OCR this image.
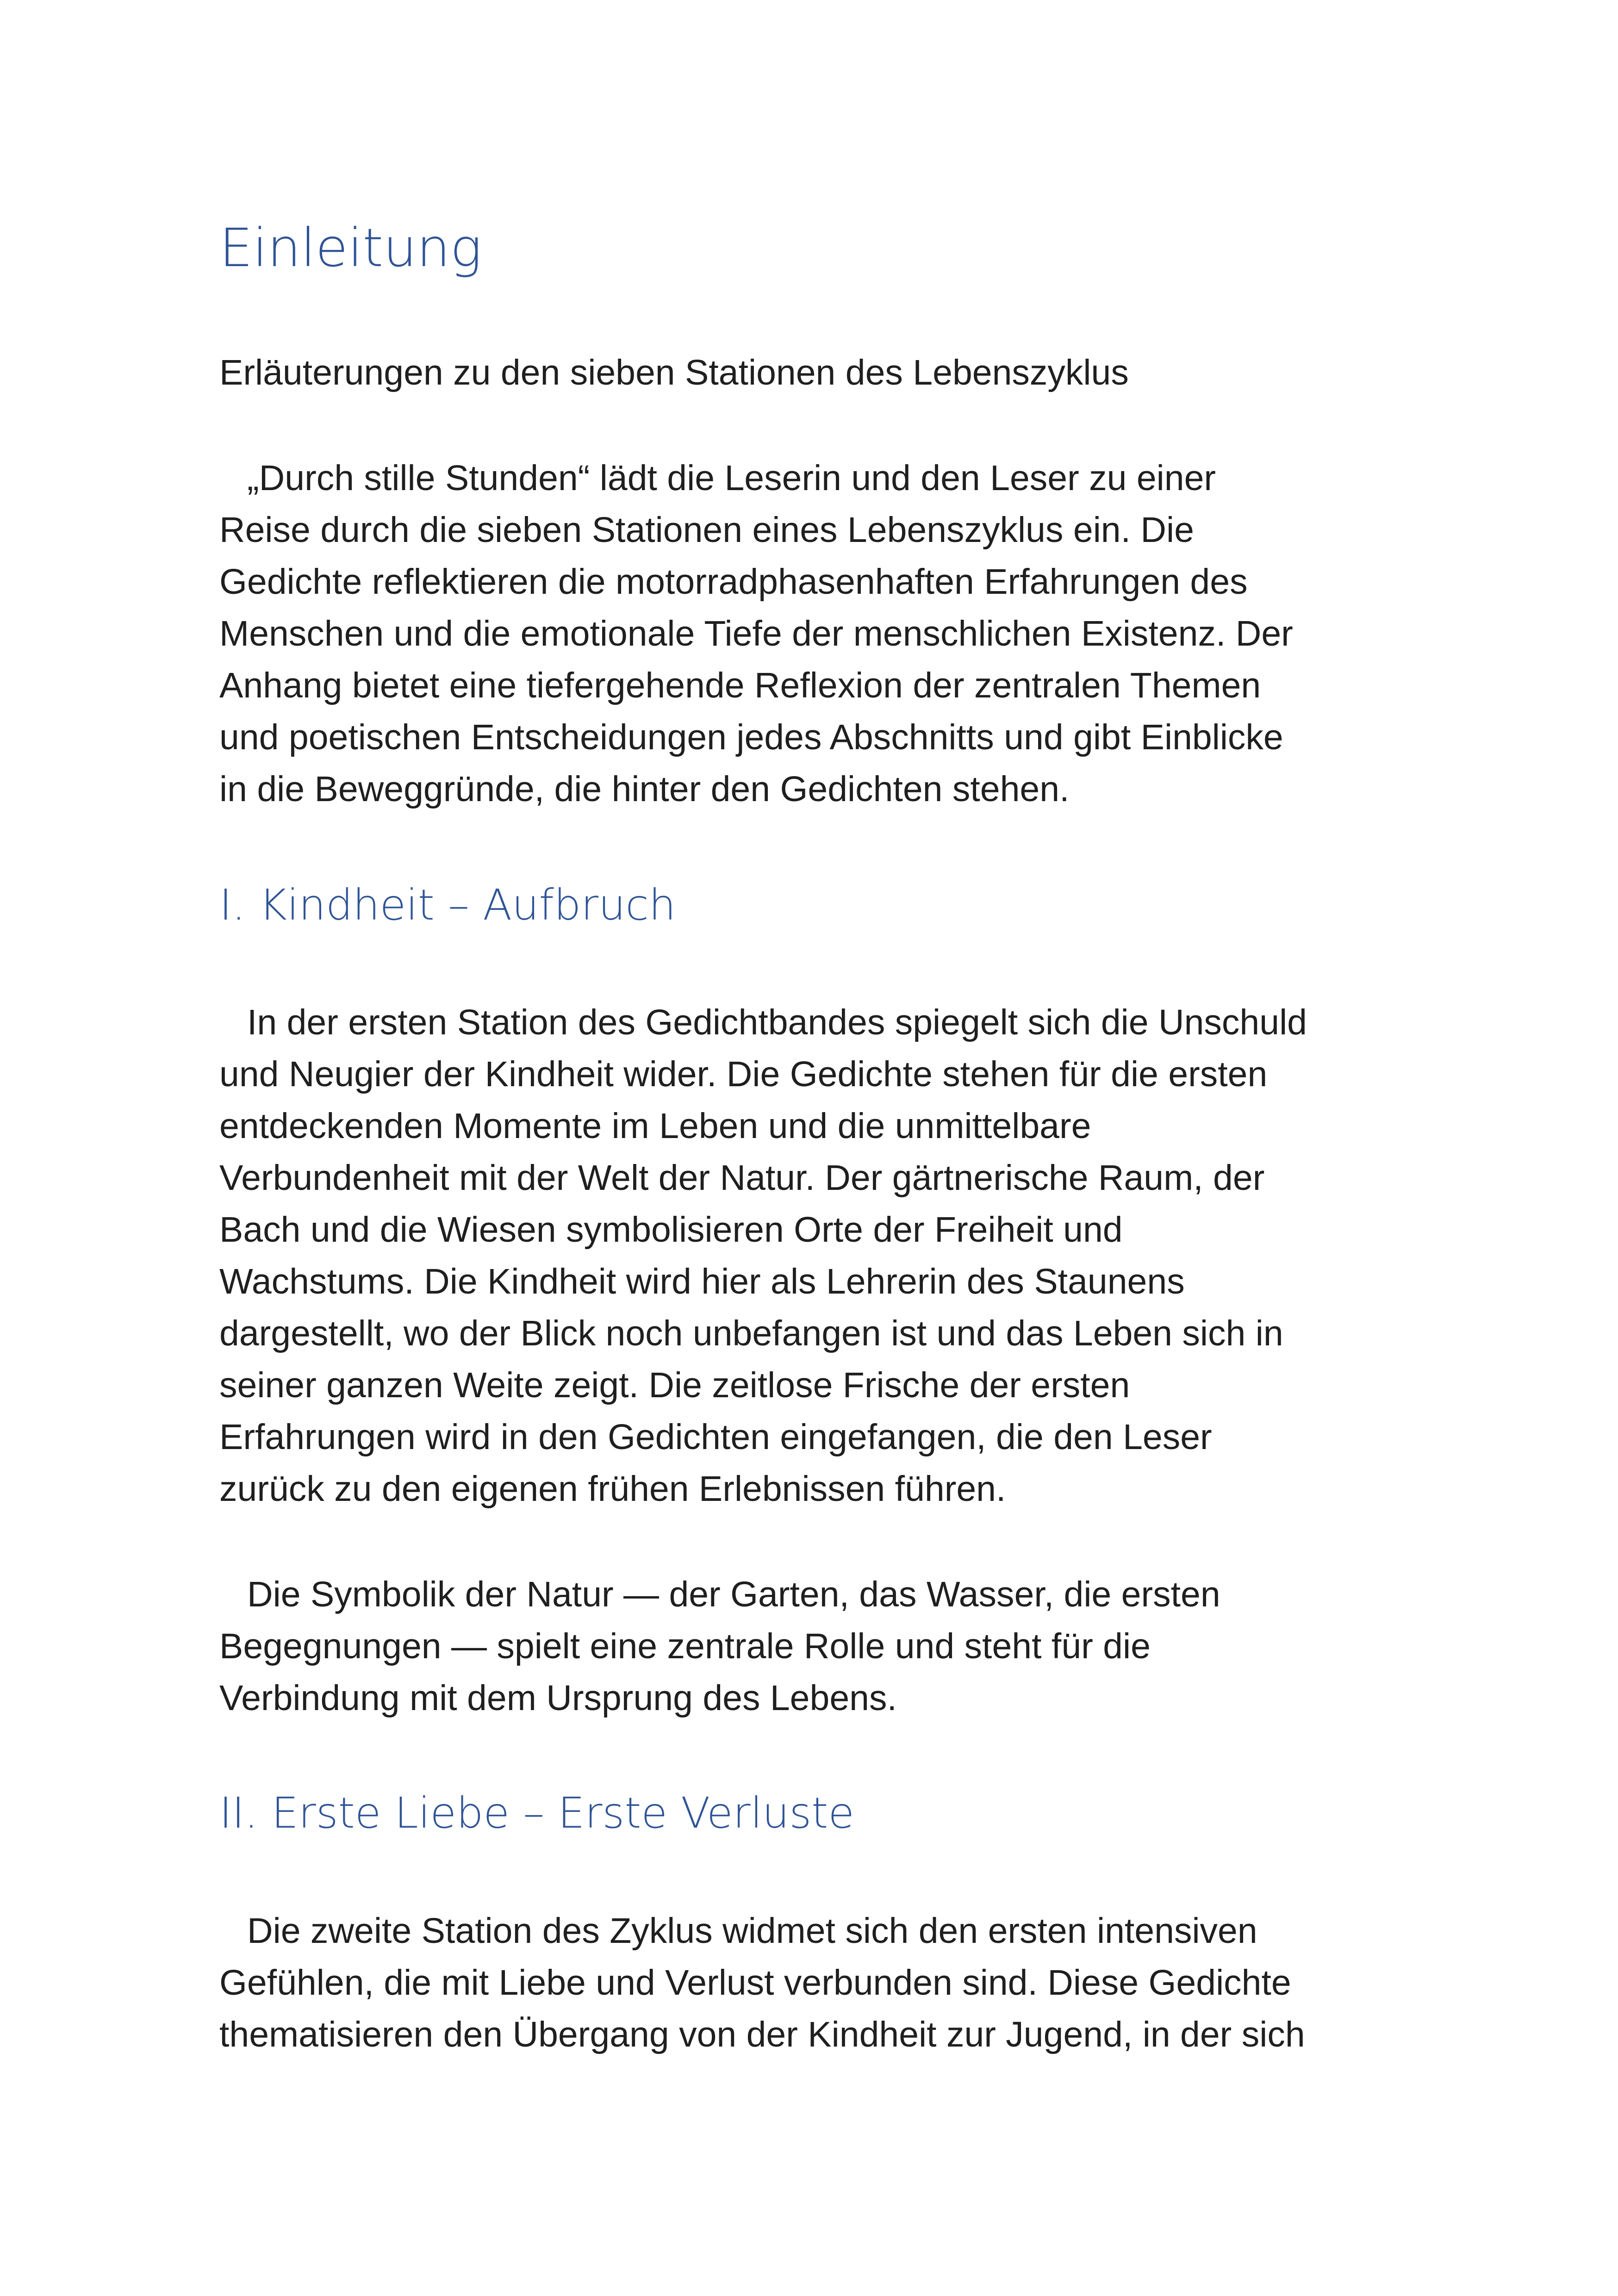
Einleitung

Erläuterungen zu den sieben Stationen des Lebenszyklus

„Durch stille Stunden“ lädt die Leserin und den Leser zu einer
Reise durch die sieben Stationen eines Lebenszyklus ein. Die
Gedichte reflektieren die motorradphasenhaften Erfahrungen des
Menschen und die emotionale Tiefe der menschlichen Existenz. Der
Anhang bietet eine tiefergehende Reflexion der zentralen Themen
und poetischen Entscheidungen jedes Abschnitts und gibt Einblicke
in die Beweggründe, die hinter den Gedichten stehen.

I. Kindheit – Aufbruch

In der ersten Station des Gedichtbandes spiegelt sich die Unschuld
und Neugier der Kindheit wider. Die Gedichte stehen für die ersten
entdeckenden Momente im Leben und die unmittelbare
Verbundenheit mit der Welt der Natur. Der gärtnerische Raum, der
Bach und die Wiesen symbolisieren Orte der Freiheit und
Wachstums. Die Kindheit wird hier als Lehrerin des Staunens
dargestellt, wo der Blick noch unbefangen ist und das Leben sich in
seiner ganzen Weite zeigt. Die zeitlose Frische der ersten
Erfahrungen wird in den Gedichten eingefangen, die den Leser
zurück zu den eigenen frühen Erlebnissen führen.

Die Symbolik der Natur — der Garten, das Wasser, die ersten
Begegnungen — spielt eine zentrale Rolle und steht für die
Verbindung mit dem Ursprung des Lebens.

II. Erste Liebe – Erste Verluste

Die zweite Station des Zyklus widmet sich den ersten intensiven
Gefühlen, die mit Liebe und Verlust verbunden sind. Diese Gedichte
thematisieren den Übergang von der Kindheit zur Jugend, in der sich
